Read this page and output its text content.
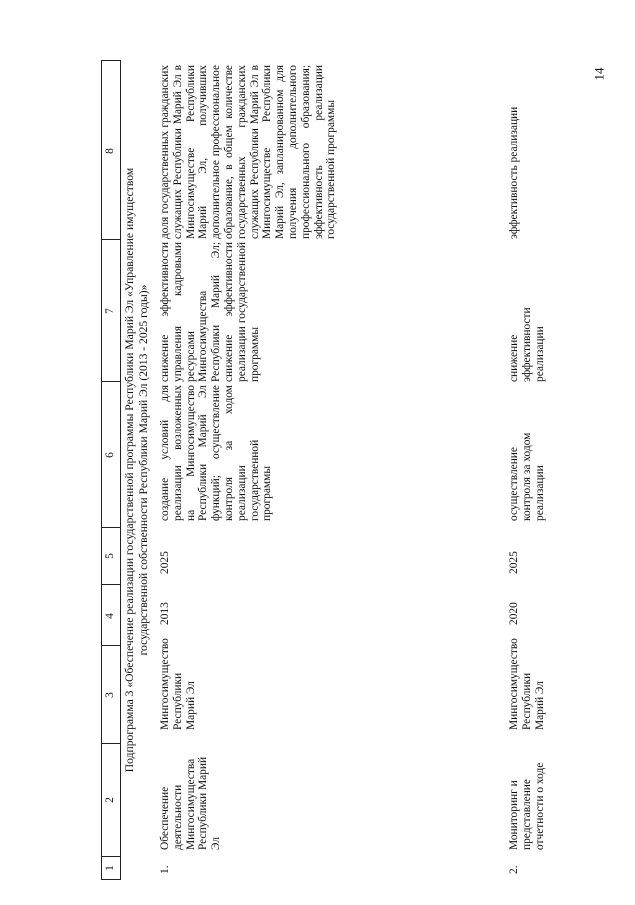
14
1
2
3
4
5
6
7
8
Подпрограмма 3 «Обеспечение реализации государственной программы Республики Марий Эл «Управление имуществом государственной собственности Республики Марий Эл (2013 - 2025 годы)»
1.
Обеспечение деятельности Мингосимущества Республики Марий Эл
Мингосимущество Республики Марий Эл
2013
2025
создание условий для реализации возложенных на Мингосимущество Республики Марий Эл функций; осуществление контроля за ходом реализации государственной программы
снижение эффективности управления кадровыми ресурсами Мингосимущества Республики Марий Эл; снижение эффективности реализации государственной программы
доля государственных гражданских служащих Республики Марий Эл в Мингосимуществе Республики Марий Эл, получивших дополнительное профессиональное образование, в общем количестве государственных гражданских служащих Республики Марий Эл в Мингосимуществе Республики Марий Эл, запланированном для получения дополнительного профессионального образования; эффективность реализации государственной программы
2.
Мониторинг и представление отчетности о ходе
Мингосимущество Республики Марий Эл
2020
2025
осуществление контроля за ходом реализации
снижение эффективности реализации
эффективность реализации
